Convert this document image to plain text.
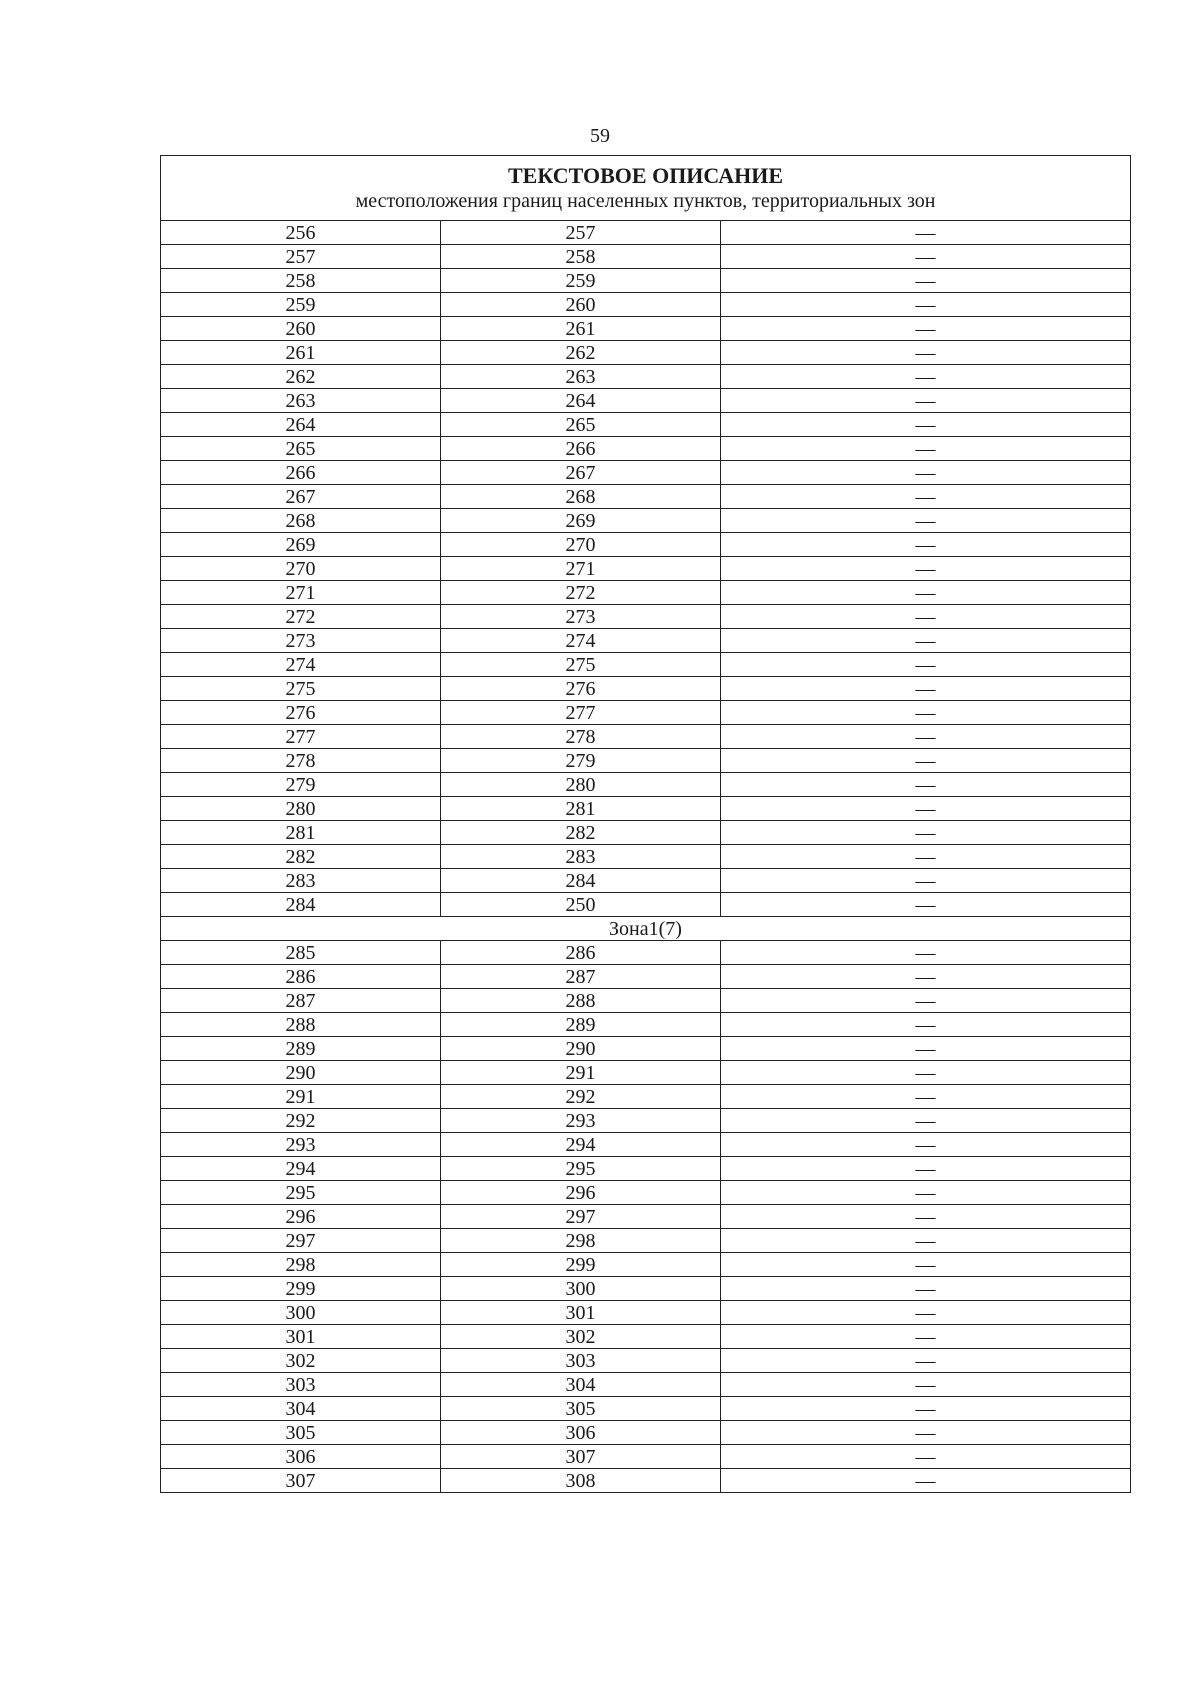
59
ТЕКСТОВОЕ ОПИСАНИЕ
местоположения границ населенных пунктов, территориальных зон		

256	257	—
257	258	—
258	259	—
259	260	—
260	261	—
261	262	—
262	263	—
263	264	—
264	265	—
265	266	—
266	267	—
267	268	—
268	269	—
269	270	—
270	271	—
271	272	—
272	273	—
273	274	—
274	275	—
275	276	—
276	277	—
277	278	—
278	279	—
279	280	—
280	281	—
281	282	—
282	283	—
283	284	—
284	250	—
Зона1(7)		
285	286	—
286	287	—
287	288	—
288	289	—
289	290	—
290	291	—
291	292	—
292	293	—
293	294	—
294	295	—
295	296	—
296	297	—
297	298	—
298	299	—
299	300	—
300	301	—
301	302	—
302	303	—
303	304	—
304	305	—
305	306	—
306	307	—
307	308	—
